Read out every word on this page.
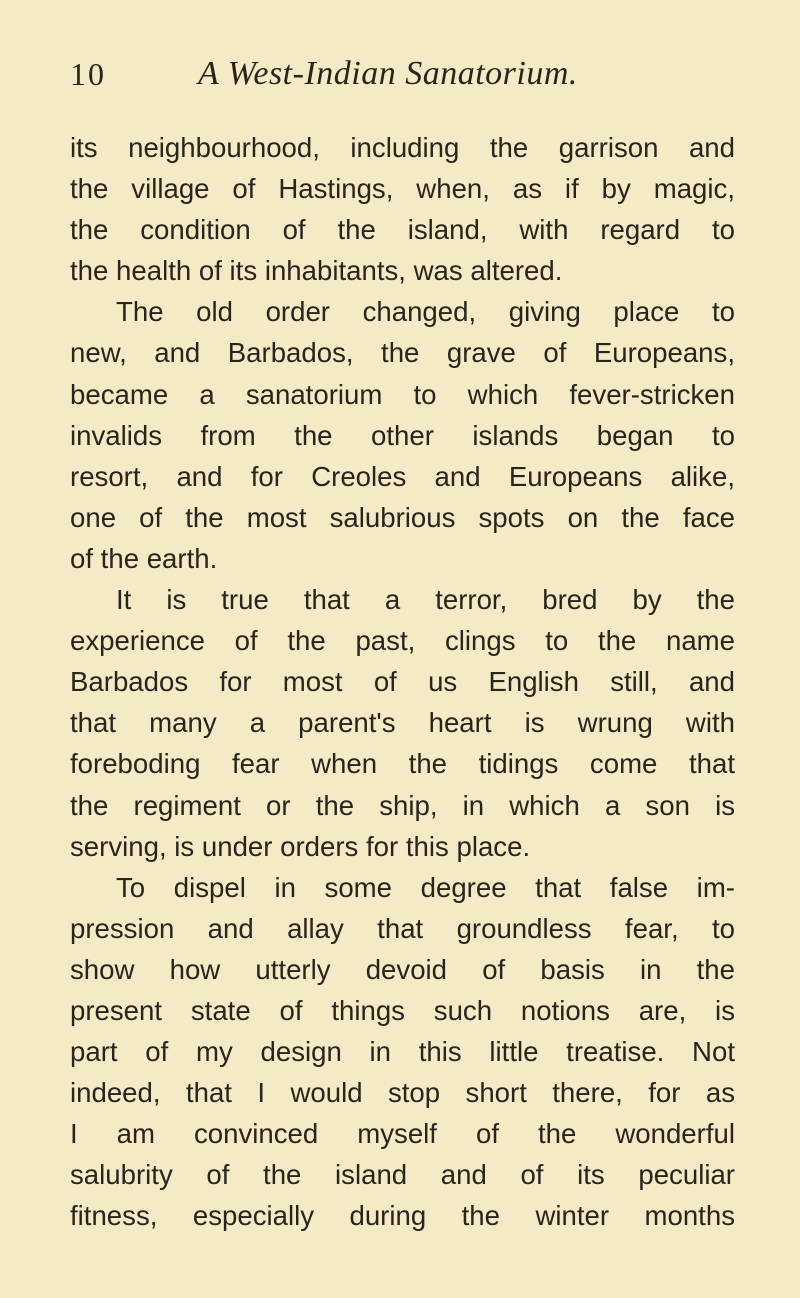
10	A West-Indian Sanatorium.
its neighbourhood, including the garrison and
the village of Hastings, when, as if by magic,
the condition of the island, with regard to
the health of its inhabitants, was altered.
The old order changed, giving place to
new, and Barbados, the grave of Europeans,
became a sanatorium to which fever-stricken
invalids from the other islands began to
resort, and for Creoles and Europeans alike,
one of the most salubrious spots on the face
of the earth.
It is true that a terror, bred by the
experience of the past, clings to the name
Barbados for most of us English still, and
that many a parent's heart is wrung with
foreboding fear when the tidings come that
the regiment or the ship, in which a son is
serving, is under orders for this place.
To dispel in some degree that false im-
pression and allay that groundless fear, to
show how utterly devoid of basis in the
present state of things such notions are, is
part of my design in this little treatise. Not
indeed, that I would stop short there, for as
I am convinced myself of the wonderful
salubrity of the island and of its peculiar
fitness, especially during the winter months
